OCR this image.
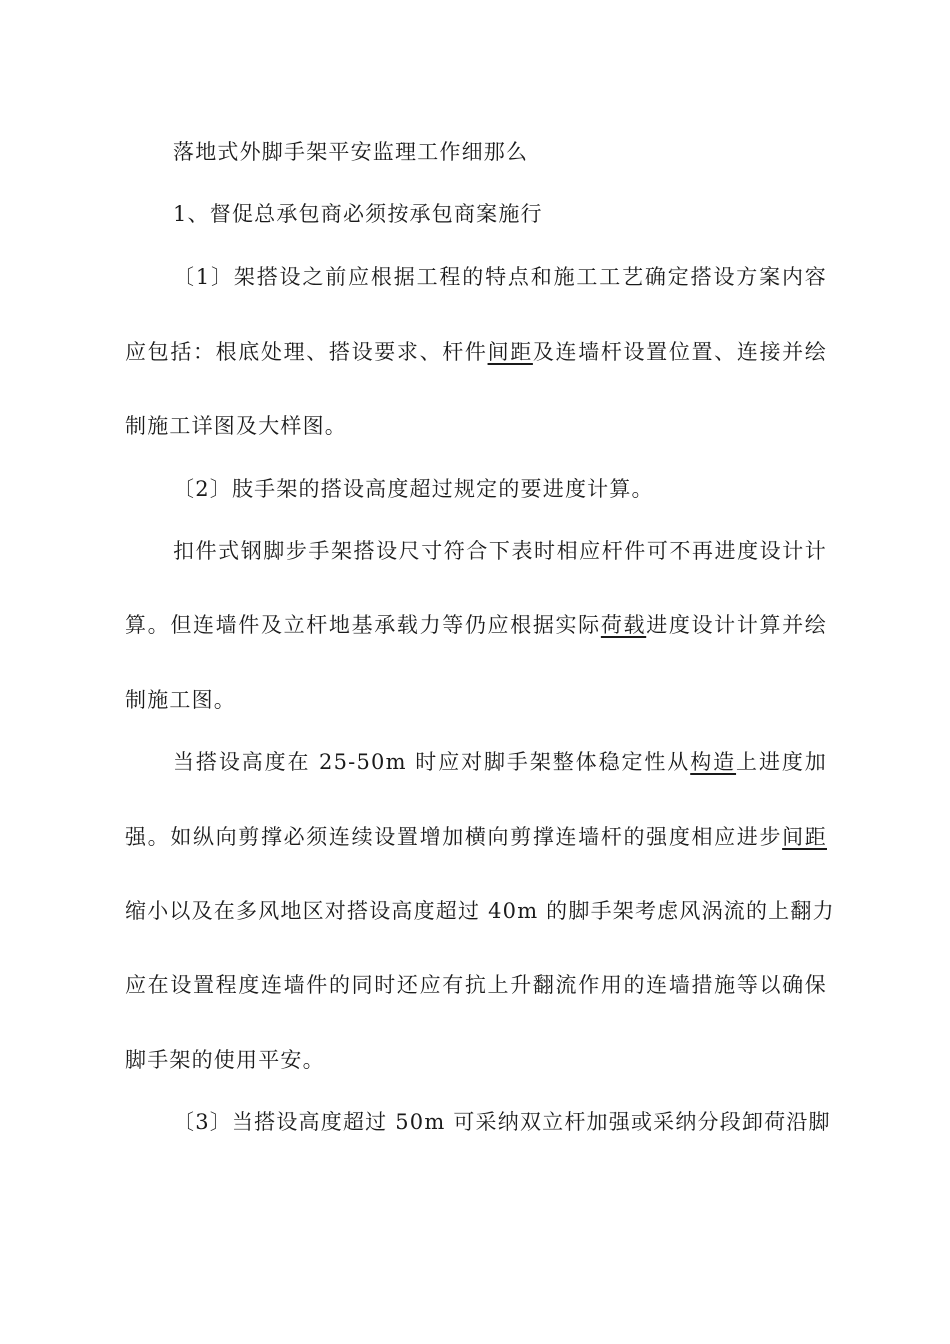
落地式外脚手架平安监理工作细那么
1、督促总承包商必须按承包商案施行
〔1〕架搭设之前应根据工程的特点和施工工艺确定搭设方案内容
应包括：根底处理、搭设要求、杆件间距及连墙杆设置位置、连接并绘
制施工详图及大样图。
〔2〕肢手架的搭设高度超过规定的要进度计算。
扣件式钢脚步手架搭设尺寸符合下表时相应杆件可不再进度设计计
算。但连墙件及立杆地基承载力等仍应根据实际荷载进度设计计算并绘
制施工图。
当搭设高度在 25-50m 时应对脚手架整体稳定性从构造上进度加
强。如纵向剪撑必须连续设置增加横向剪撑连墙杆的强度相应进步间距
缩小以及在多风地区对搭设高度超过 40m 的脚手架考虑风涡流的上翻力
应在设置程度连墙件的同时还应有抗上升翻流作用的连墙措施等以确保
脚手架的使用平安。
〔3〕当搭设高度超过 50m 可采纳双立杆加强或采纳分段卸荷沿脚
